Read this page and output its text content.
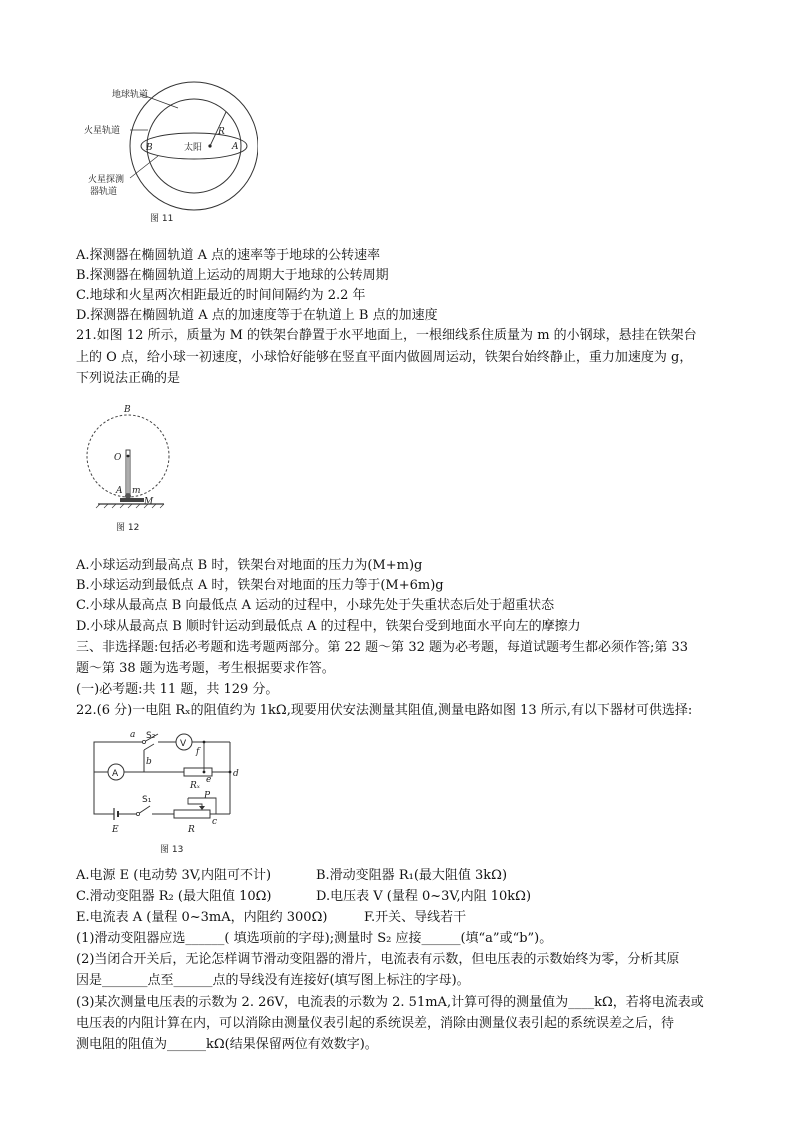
地球轨道
火星轨道
火星探测
器轨道
太阳
R
A
B
图 11
A.探测器在椭圆轨道 A 点的速率等于地球的公转速率
B.探测器在椭圆轨道上运动的周期大于地球的公转周期
C.地球和火星两次相距最近的时间间隔约为 2.2 年
D.探测器在椭圆轨道 A 点的加速度等于在轨道上 B 点的加速度
21.如图 12 所示，质量为 M 的铁架台静置于水平地面上，一根细线系住质量为 m 的小钢球，悬挂在铁架台
上的 O 点，给小球一初速度，小球恰好能够在竖直平面内做圆周运动，铁架台始终静止，重力加速度为 g，
下列说法正确的是
B
O
A m
M
图 12
A.小球运动到最高点 B 时，铁架台对地面的压力为(M+m)g
B.小球运动到最低点 A 时，铁架台对地面的压力等于(M+6m)g
C.小球从最高点 B 向最低点 A 运动的过程中，小球先处于失重状态后处于超重状态
D.小球从最高点 B 顺时针运动到最低点 A 的过程中，铁架台受到地面水平向左的摩擦力
三、非选择题:包括必考题和选考题两部分。第 22 题～第 32 题为必考题，每道试题考生都必须作答;第 33
题～第 38 题为选考题，考生根据要求作答。
(一)必考题:共 11 题，共 129 分。
22.(6 分)一电阻 Rₓ的阻值约为 1kΩ,现要用伏安法测量其阻值,测量电路如图 13 所示,有以下器材可供选择:
a S₂
V
f
A
b
e
d
Rₓ
S₁	P
c
E	R
图 13
A.电源 E (电动势 3V,内阻可不计)	B.滑动变阻器 R₁(最大阻值 3kΩ)
C.滑动变阻器 R₂ (最大阻值 10Ω)	D.电压表 V (量程 0~3V,内阻 10kΩ)
E.电流表 A (量程 0~3mA，内阻约 300Ω)	F.开关、导线若干
(1)滑动变阻器应选______( 填选项前的字母);测量时 S₂ 应接______(填“a”或“b”)。
(2)当闭合开关后，无论怎样调节滑动变阻器的滑片，电流表有示数，但电压表的示数始终为零，分析其原
因是_______点至______点的导线没有连接好(填写图上标注的字母)。
(3)某次测量电压表的示数为 2. 26V，电流表的示数为 2. 51mA,计算可得的测量值为____kΩ，若将电流表或
电压表的内阻计算在内，可以消除由测量仪表引起的系统误差，消除由测量仪表引起的系统误差之后，待
测电阻的阻值为______kΩ(结果保留两位有效数字)。
